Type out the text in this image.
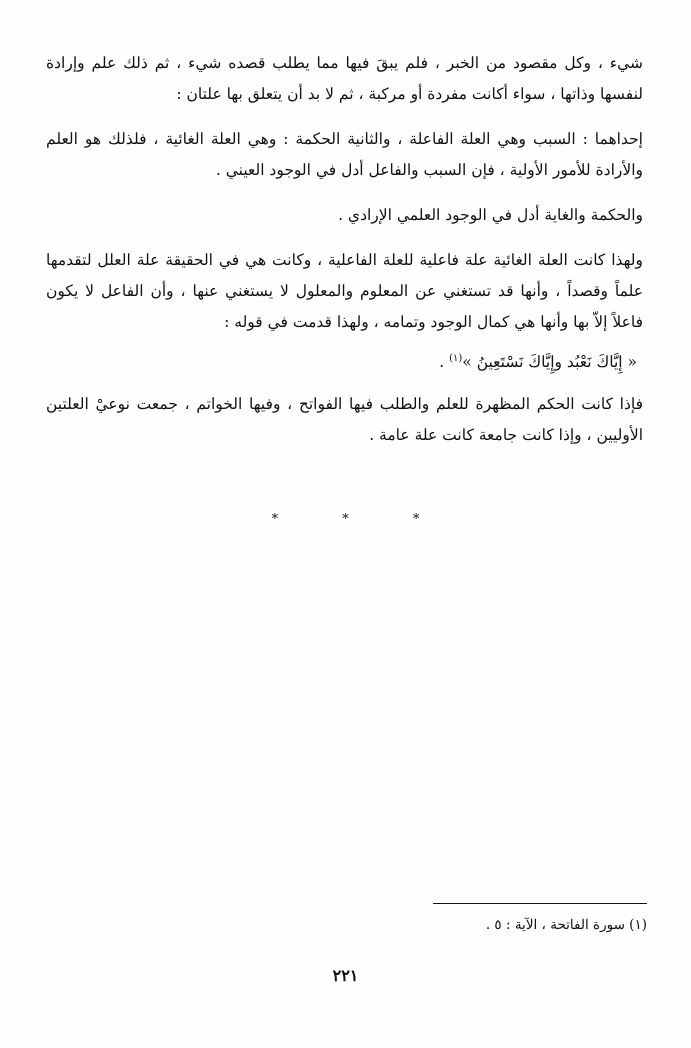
شيء ، وكل مقصود من الخبر ، فلم يبقَ فيها مما يطلب قصده شيء ، ثم ذلك علم وإرادة لنفسها وذاتها ، سواء أكانت مفردة أو مركبة ، ثم لا بد أن يتعلق بها علتان :

إحداهما : السبب وهي العلة الفاعلة ، والثانية الحكمة : وهي العلة الغائية ، فلذلك هو العلم والأرادة للأمور الأولية ، فإن السبب والفاعل أدل في الوجود العيني .

والحكمة والغاية أدل في الوجود العلمي الإرادي .

ولهذا كانت العلة الغائية علة فاعلية للعلة الفاعلية ، وكانت هي في الحقيقة علة العلل لتقدمها علماً وقصداً ، وأنها قد تستغني عن المعلوم والمعلول لا يستغني عنها ، وأن الفاعل لا يكون فاعلاً إلاّ بها وأنها هي كمال الوجود وتمامه ، ولهذا قدمت في قوله :

« إِيَّاكَ نَعْبُد وإِيَّاكَ نَسْتَعِينُ »$^{(١)}$ .

فإذا كانت الحكم المظهرة للعلم والطلب فيها الفواتح ، وفيها الخواتم ، جمعت نوعيْ العلتين الأوليين ، وإذا كانت جامعة كانت علة عامة .

* * *
(١) سورة الفاتحة ، الآية : ٥ .
٢٢١
